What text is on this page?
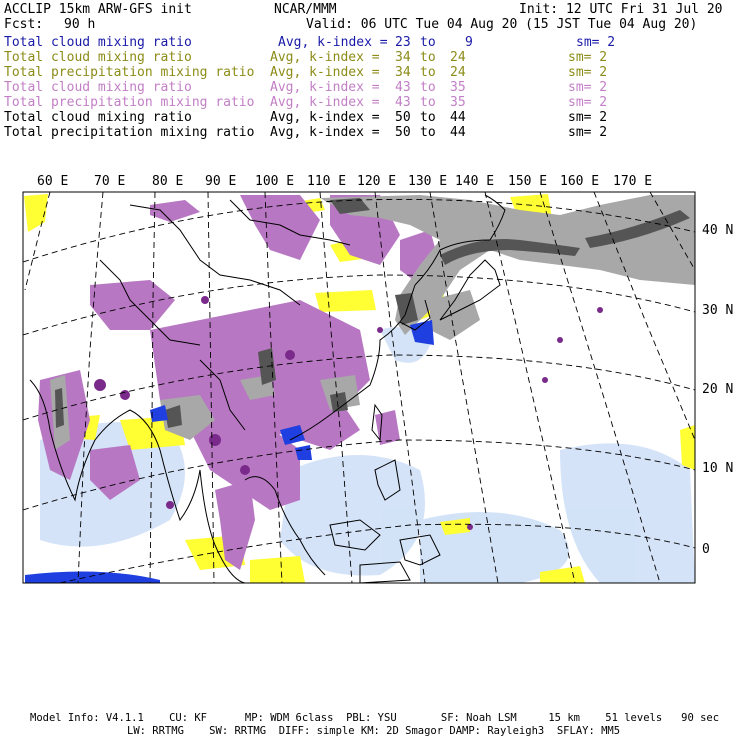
ACCLIP 15km ARW-GFS init	NCAR/MMM	Init: 12 UTC Fri 31 Jul 20
Fcst: 90 h	Valid: 06 UTC Tue 04 Aug 20 (15 JST Tue 04 Aug 20)
Total cloud mixing ratio	Avg, k-index = 23 to 9	sm= 2
Total cloud mixing ratio	Avg, k-index = 34 to 24	sm= 2
Total precipitation mixing ratio Avg, k-index = 34 to 24	sm= 2
Total cloud mixing ratio	Avg, k-index = 43 to 35	sm= 2
Total precipitation mixing ratio Avg, k-index = 43 to 35	sm= 2
Total cloud mixing ratio	Avg, k-index = 50 to 44	sm= 2
Total precipitation mixing ratio Avg, k-index = 50 to 44	sm= 2
60 E 70 E 80 E 90 E 100 E 110 E 120 E 130 E 140 E 150 E 160 E 170 E
40 N
30 N
20 N
10 N
0
Model Info: V4.1.1    CU: KF      MP: WDM 6class  PBL: YSU       SF: Noah LSM     15 km    51 levels   90 sec
LW: RRTMG    SW: RRTMG  DIFF: simple KM: 2D Smagor DAMP: Rayleigh3  SFLAY: MM5
